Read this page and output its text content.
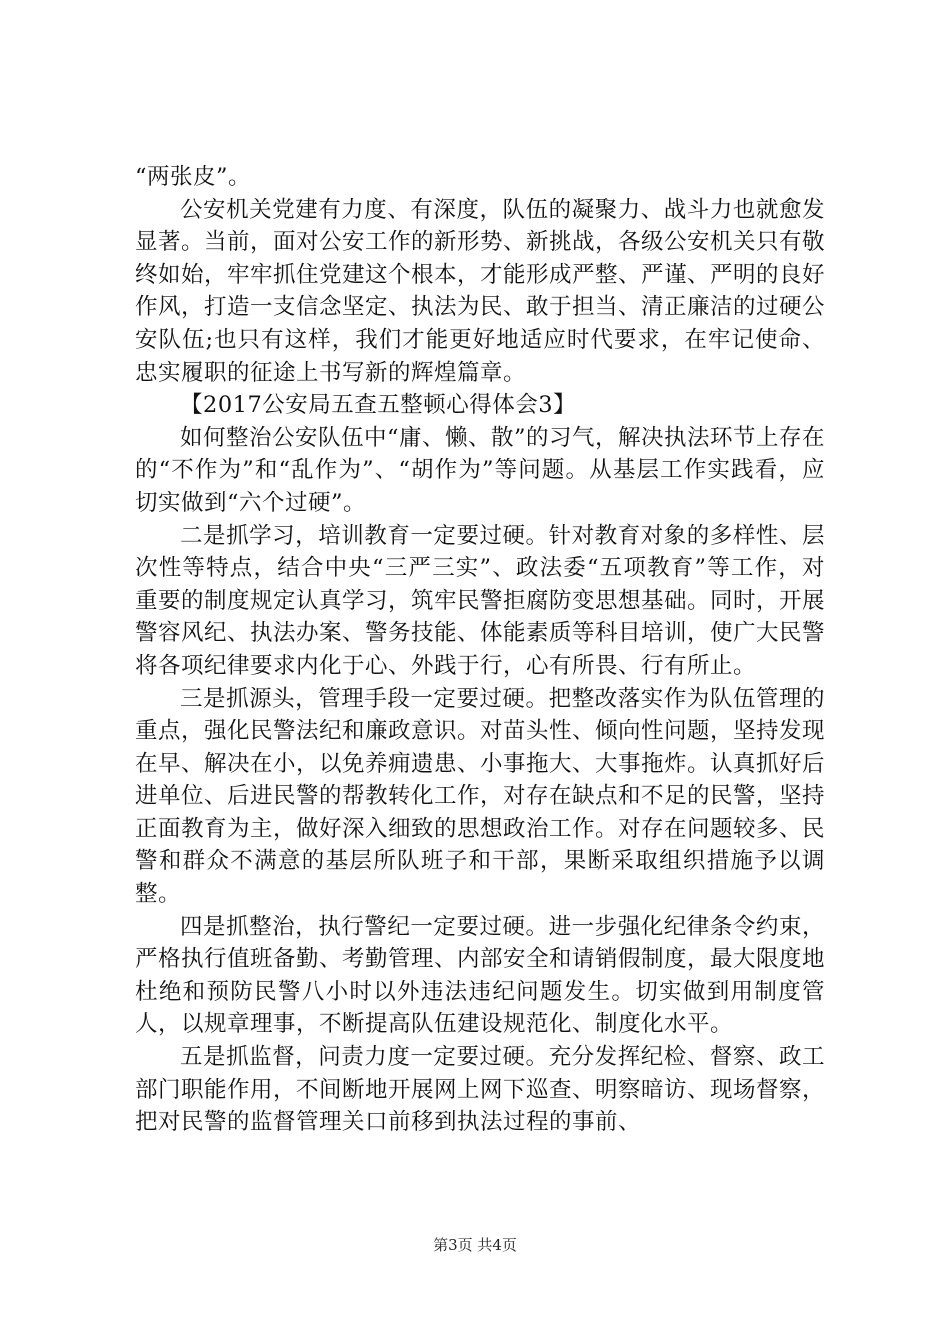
“两张皮”。

公安机关党建有力度、有深度，队伍的凝聚力、战斗力也就愈发显著。当前，面对公安工作的新形势、新挑战，各级公安机关只有敬终如始，牢牢抓住党建这个根本，才能形成严整、严谨、严明的良好作风，打造一支信念坚定、执法为民、敢于担当、清正廉洁的过硬公安队伍;也只有这样，我们才能更好地适应时代要求，在牢记使命、忠实履职的征途上书写新的辉煌篇章。

【2017公安局五查五整顿心得体会3】

如何整治公安队伍中“庸、懒、散”的习气，解决执法环节上存在的“不作为”和“乱作为”、“胡作为”等问题。从基层工作实践看，应切实做到“六个过硬”。

二是抓学习，培训教育一定要过硬。针对教育对象的多样性、层次性等特点，结合中央“三严三实”、政法委“五项教育”等工作，对重要的制度规定认真学习，筑牢民警拒腐防变思想基础。同时，开展警容风纪、执法办案、警务技能、体能素质等科目培训，使广大民警将各项纪律要求内化于心、外践于行，心有所畏、行有所止。

三是抓源头，管理手段一定要过硬。把整改落实作为队伍管理的重点，强化民警法纪和廉政意识。对苗头性、倾向性问题，坚持发现在早、解决在小，以免养痈遗患、小事拖大、大事拖炸。认真抓好后进单位、后进民警的帮教转化工作，对存在缺点和不足的民警，坚持正面教育为主，做好深入细致的思想政治工作。对存在问题较多、民警和群众不满意的基层所队班子和干部，果断采取组织措施予以调整。

四是抓整治，执行警纪一定要过硬。进一步强化纪律条令约束，严格执行值班备勤、考勤管理、内部安全和请销假制度，最大限度地杜绝和预防民警八小时以外违法违纪问题发生。切实做到用制度管人，以规章理事，不断提高队伍建设规范化、制度化水平。

五是抓监督，问责力度一定要过硬。充分发挥纪检、督察、政工部门职能作用，不间断地开展网上网下巡查、明察暗访、现场督察，把对民警的监督管理关口前移到执法过程的事前、

第3页 共4页
